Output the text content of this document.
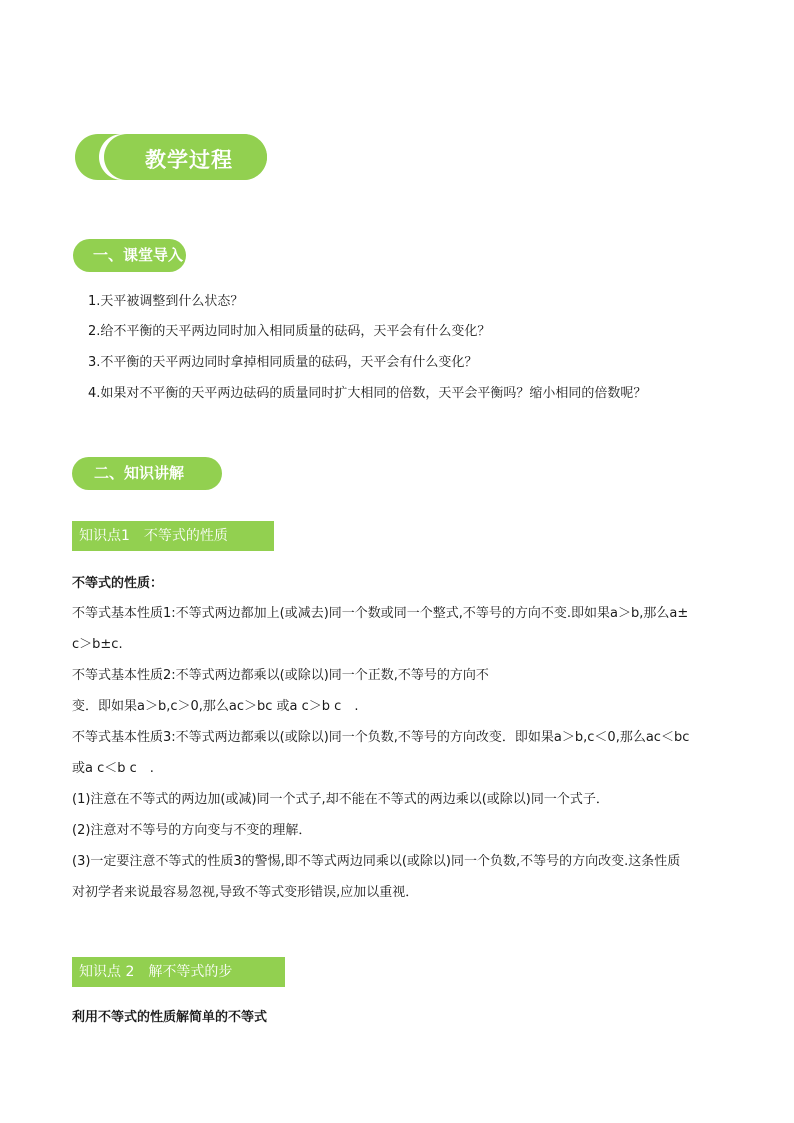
教学过程
一、课堂导入
1.天平被调整到什么状态？
2.给不平衡的天平两边同时加入相同质量的砝码，天平会有什么变化？
3.不平衡的天平两边同时拿掉相同质量的砝码，天平会有什么变化？
4.如果对不平衡的天平两边砝码的质量同时扩大相同的倍数，天平会平衡吗？缩小相同的倍数呢？
二、知识讲解
知识点1　不等式的性质
不等式的性质：
不等式基本性质1:不等式两边都加上(或减去)同一个数或同一个整式,不等号的方向不变.即如果a＞b,那么a±
c＞b±c.
不等式基本性质2:不等式两边都乘以(或除以)同一个正数,不等号的方向不
变．即如果a＞b,c＞0,那么ac＞bc 或a c＞b c　.
不等式基本性质3:不等式两边都乘以(或除以)同一个负数,不等号的方向改变．即如果a＞b,c＜0,那么ac＜bc
或a c＜b c　.
(1)注意在不等式的两边加(或减)同一个式子,却不能在不等式的两边乘以(或除以)同一个式子．
(2)注意对不等号的方向变与不变的理解．
(3)一定要注意不等式的性质3的警惕,即不等式两边同乘以(或除以)同一个负数,不等号的方向改变.这条性质
对初学者来说最容易忽视,导致不等式变形错误,应加以重视．
知识点 2　解不等式的步
利用不等式的性质解简单的不等式
